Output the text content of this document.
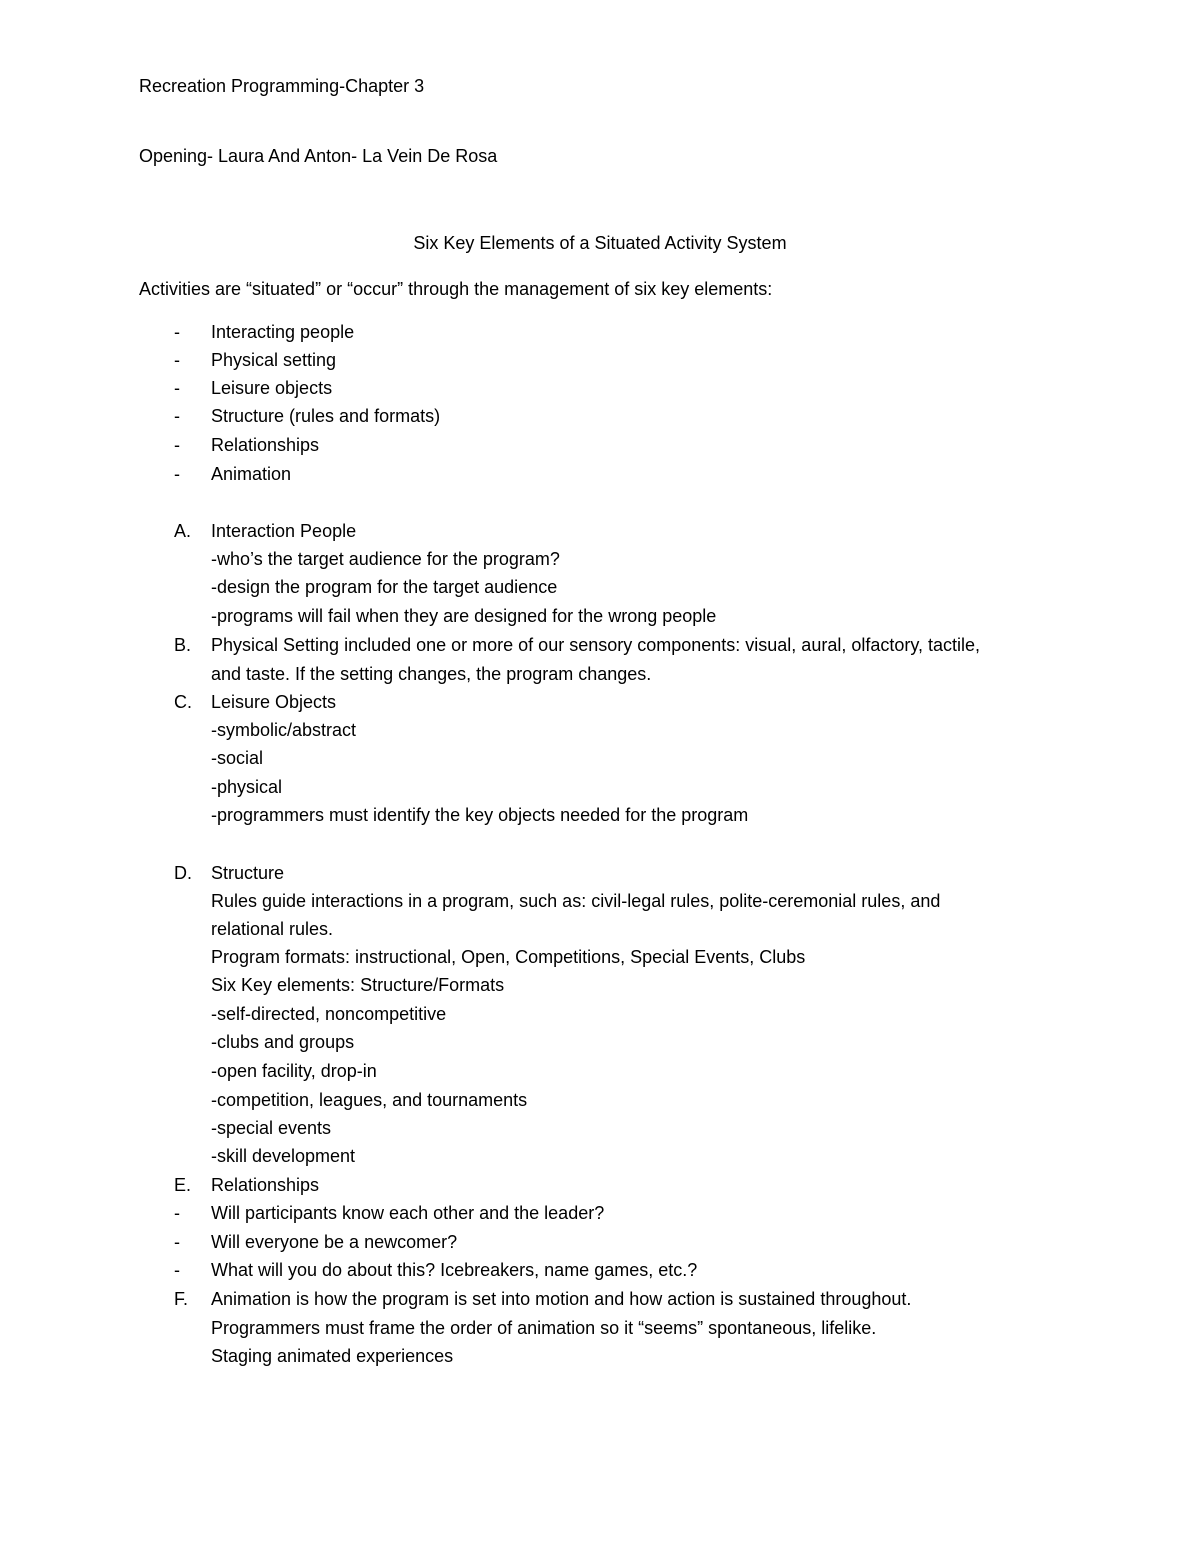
Recreation Programming-Chapter 3
Opening- Laura And Anton- La Vein De Rosa
Six Key Elements of a Situated Activity System
Activities are “situated” or “occur” through the management of six key elements:
- Interacting people
- Physical setting
- Leisure objects
- Structure (rules and formats)
- Relationships
- Animation
A. Interaction People
-who’s the target audience for the program?
-design the program for the target audience
-programs will fail when they are designed for the wrong people
B. Physical Setting included one or more of our sensory components: visual, aural, olfactory, tactile,
and taste. If the setting changes, the program changes.
C. Leisure Objects
-symbolic/abstract
-social
-physical
-programmers must identify the key objects needed for the program
D. Structure
Rules guide interactions in a program, such as: civil-legal rules, polite-ceremonial rules, and
relational rules.
Program formats: instructional, Open, Competitions, Special Events, Clubs
Six Key elements: Structure/Formats
-self-directed, noncompetitive
-clubs and groups
-open facility, drop-in
-competition, leagues, and tournaments
-special events
-skill development
E. Relationships
- Will participants know each other and the leader?
- Will everyone be a newcomer?
- What will you do about this? Icebreakers, name games, etc.?
F. Animation is how the program is set into motion and how action is sustained throughout.
Programmers must frame the order of animation so it “seems” spontaneous, lifelike.
Staging animated experiences
